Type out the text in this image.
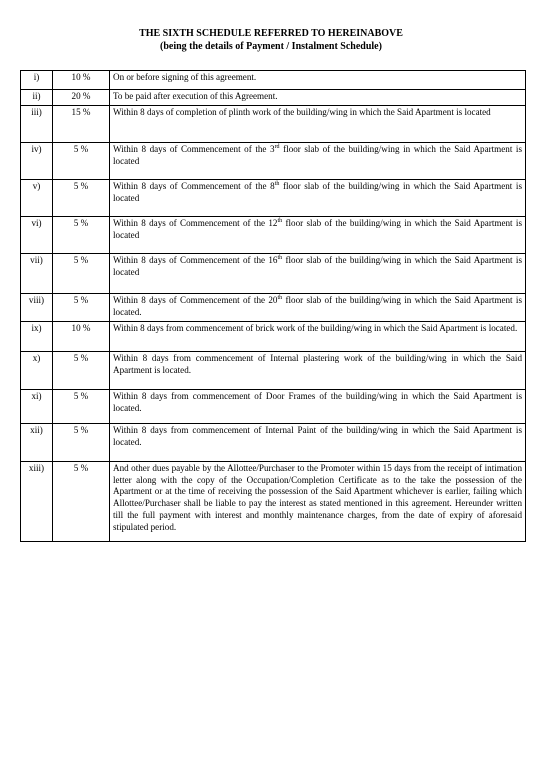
THE SIXTH SCHEDULE REFERRED TO HEREINABOVE
(being the details of Payment / Instalment Schedule)
i)	10 %	On or before signing of this agreement.
ii)	20 %	To be paid after execution of this Agreement.
iii)	15 %	Within 8 days of completion of plinth work of the building/wing in which the Said Apartment is located
iv)	5 %	Within 8 days of Commencement of the 3rd floor slab of the building/wing in which the Said Apartment is located
v)	5 %	Within 8 days of Commencement of the 8th floor slab of the building/wing in which the Said Apartment is located
vi)	5 %	Within 8 days of Commencement of the 12th floor slab of the building/wing in which the Said Apartment is located
vii)	5 %	Within 8 days of Commencement of the 16th floor slab of the building/wing in which the Said Apartment is located
viii)	5 %	Within 8 days of Commencement of the 20th floor slab of the building/wing in which the Said Apartment is located.
ix)	10 %	Within 8 days from commencement of brick work of the building/wing in which the Said Apartment is located.
x)	5 %	Within 8 days from commencement of Internal plastering work of the building/wing in which the Said Apartment is located.
xi)	5 %	Within 8 days from commencement of Door Frames of the building/wing in which the Said Apartment is located.
xii)	5 %	Within 8 days from commencement of Internal Paint of the building/wing in which the Said Apartment is located.
xiii)	5 %	And other dues payable by the Allottee/Purchaser to the Promoter within 15 days from the receipt of intimation letter along with the copy of the Occupation/Completion Certificate as to the take the possession of the Apartment or at the time of receiving the possession of the Said Apartment whichever is earlier, failing which Allottee/Purchaser shall be liable to pay the interest as stated mentioned in this agreement. Hereunder written till the full payment with interest and monthly maintenance charges, from the date of expiry of aforesaid stipulated period.
